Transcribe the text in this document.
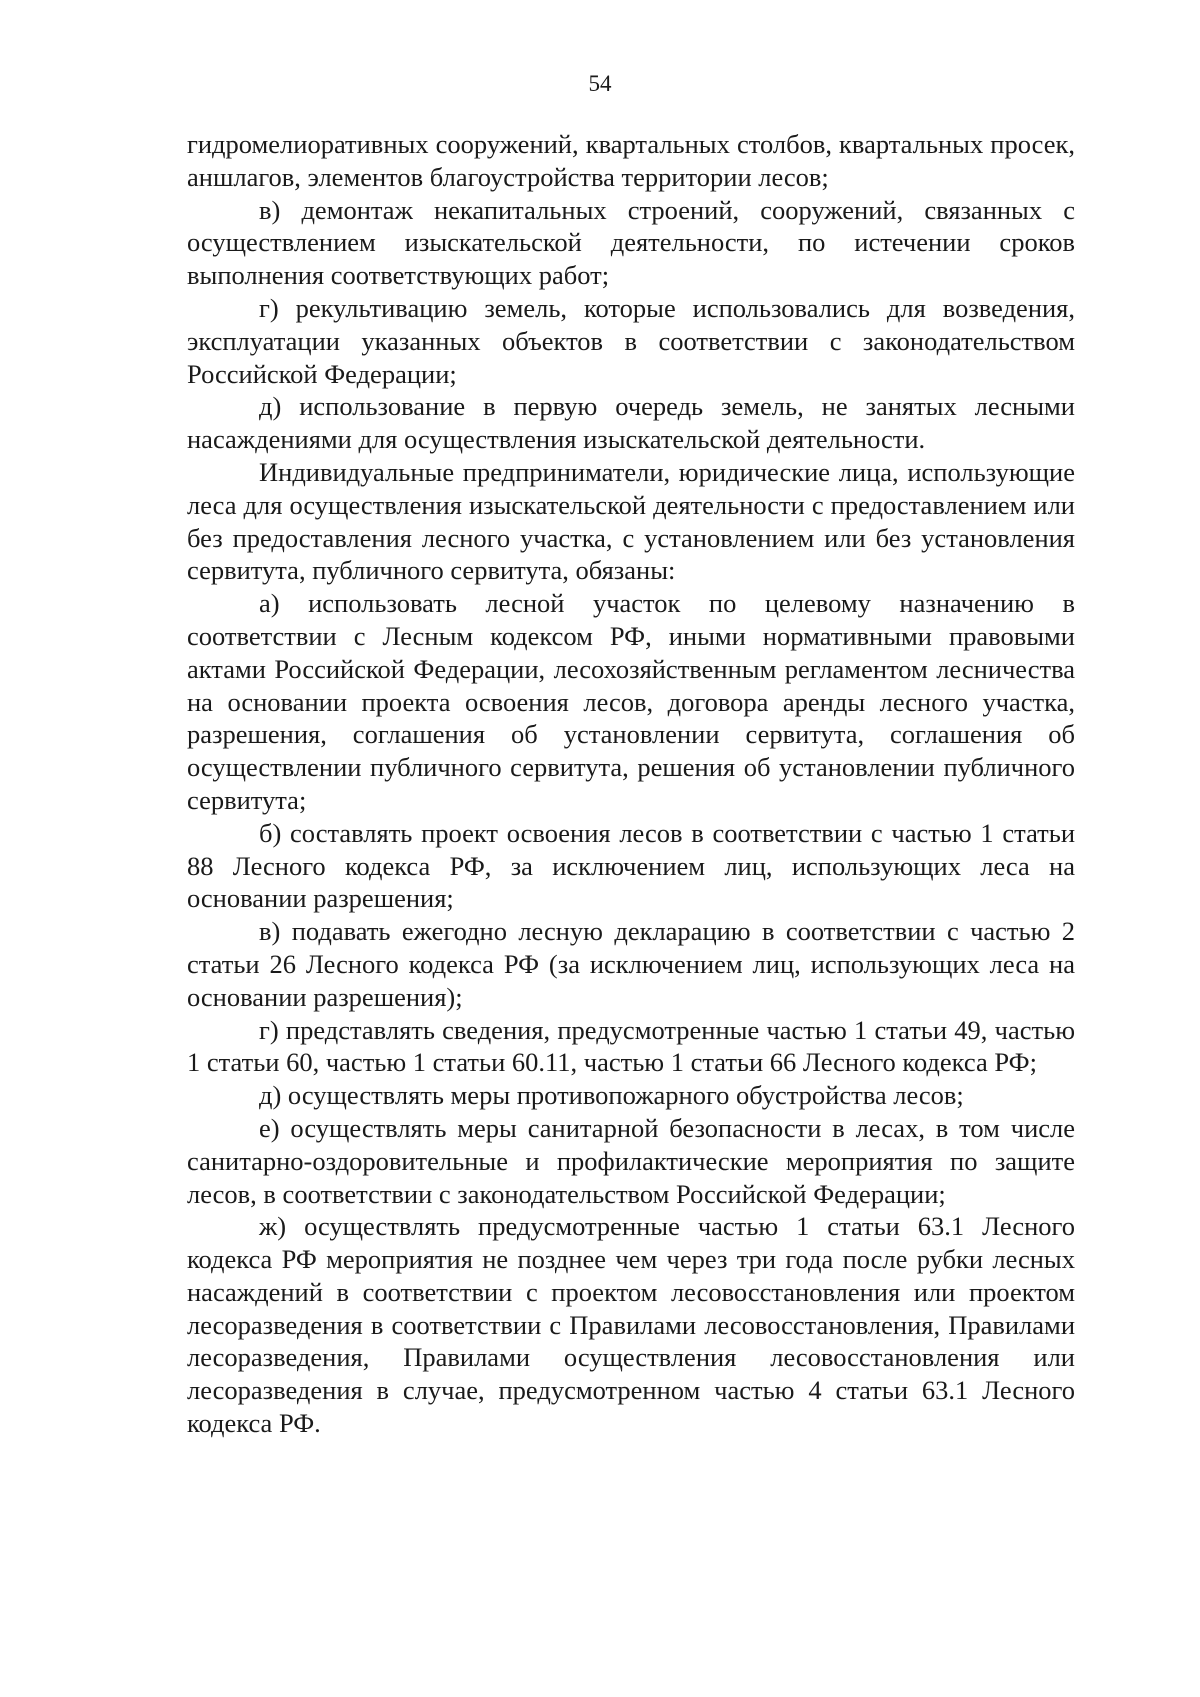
54

гидромелиоративных сооружений, квартальных столбов, квартальных просек, аншлагов, элементов благоустройства территории лесов;

в) демонтаж некапитальных строений, сооружений, связанных с осуществлением изыскательской деятельности, по истечении сроков выполнения соответствующих работ;

г) рекультивацию земель, которые использовались для возведения, эксплуатации указанных объектов в соответствии с законодательством Российской Федерации;

д) использование в первую очередь земель, не занятых лесными насаждениями для осуществления изыскательской деятельности.

Индивидуальные предприниматели, юридические лица, использующие леса для осуществления изыскательской деятельности с предоставлением или без предоставления лесного участка, с установлением или без установления сервитута, публичного сервитута, обязаны:

а) использовать лесной участок по целевому назначению в соответствии с Лесным кодексом РФ, иными нормативными правовыми актами Российской Федерации, лесохозяйственным регламентом лесничества на основании проекта освоения лесов, договора аренды лесного участка, разрешения, соглашения об установлении сервитута, соглашения об осуществлении публичного сервитута, решения об установлении публичного сервитута;

б) составлять проект освоения лесов в соответствии с частью 1 статьи 88 Лесного кодекса РФ, за исключением лиц, использующих леса на основании разрешения;

в) подавать ежегодно лесную декларацию в соответствии с частью 2 статьи 26 Лесного кодекса РФ (за исключением лиц, использующих леса на основании разрешения);

г) представлять сведения, предусмотренные частью 1 статьи 49, частью 1 статьи 60, частью 1 статьи 60.11, частью 1 статьи 66 Лесного кодекса РФ;

д) осуществлять меры противопожарного обустройства лесов;

е) осуществлять меры санитарной безопасности в лесах, в том числе санитарно-оздоровительные и профилактические мероприятия по защите лесов, в соответствии с законодательством Российской Федерации;

ж) осуществлять предусмотренные частью 1 статьи 63.1 Лесного кодекса РФ мероприятия не позднее чем через три года после рубки лесных насаждений в соответствии с проектом лесовосстановления или проектом лесоразведения в соответствии с Правилами лесовосстановления, Правилами лесоразведения, Правилами осуществления лесовосстановления или лесоразведения в случае, предусмотренном частью 4 статьи 63.1 Лесного кодекса РФ.
